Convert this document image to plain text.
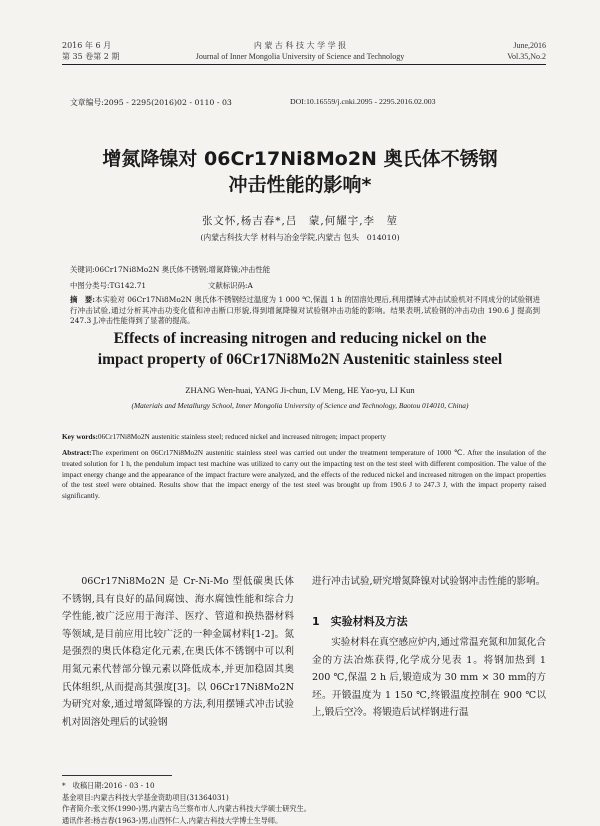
2016 年 6 月
第 35 卷第 2 期
内 蒙 古 科 技 大 学 学 报
Journal of Inner Mongolia University of Science and Technology
June,2016
Vol.35,No.2
文章编号:2095 - 2295(2016)02 - 0110 - 03	DOI:10.16559/j.cnki.2095 - 2295.2016.02.003
增氮降镍对 06Cr17Ni8Mo2N 奥氏体不锈钢
冲击性能的影响*
张文怀,杨吉春*,吕　蒙,何耀宇,李　堃
(内蒙古科技大学 材料与冶金学院,内蒙古 包头　014010)
关键词:06Cr17Ni8Mo2N 奥氏体不锈钢;增氮降镍;冲击性能
中图分类号:TG142.71	文献标识码:A
摘　要:本实验对 06Cr17Ni8Mo2N 奥氏体不锈钢经过温度为 1 000 ℃,保温 1 h 的固溶处理后,利用摆锤式冲击试验机对不同成分的试验钢进行冲击试验,通过分析其冲击功变化值和冲击断口形貌,得到增氮降镍对试验钢冲击功能的影响。结果表明,试验钢的冲击功由 190.6 J 提高到 247.3 J,冲击性能得到了显著的提高。
Effects of increasing nitrogen and reducing nickel on the
impact property of 06Cr17Ni8Mo2N Austenitic stainless steel
ZHANG Wen-huai, YANG Ji-chun, LV Meng, HE Yao-yu, LI Kun
(Materials and Metallurgy School, Inner Mongolia University of Science and Technology, Baotou 014010, China)
Key words:06Cr17Ni8Mo2N austenitic stainless steel; reduced nickel and increased nitrogen; impact property
Abstract:The experiment on 06Cr17Ni8Mo2N austenitic stainless steel was carried out under the treatment temperature of 1000 ℃. After the insulation of the treated solution for 1 h, the pendulum impact test machine was utilized to carry out the impacting test on the test steel with different composition. The value of the impact energy change and the appearance of the impact fracture were analyzed, and the effects of the reduced nickel and increased nitrogen on the impact properties of the test steel were obtained. Results show that the impact energy of the test steel was brought up from 190.6 J to 247.3 J, with the impact property raised significantly.
06Cr17Ni8Mo2N 是 Cr-Ni-Mo 型低碳奥氏体不锈钢,具有良好的晶间腐蚀、海水腐蚀性能和综合力学性能,被广泛应用于海洋、医疗、管道和换热器材料等领域,是目前应用比较广泛的一种金属材料[1-2]。氮是强烈的奥氏体稳定化元素,在奥氏体不锈钢中可以利用氮元素代替部分镍元素以降低成本,并更加稳固其奥氏体组织,从而提高其强度[3]。以 06Cr17Ni8Mo2N 为研究对象,通过增氮降镍的方法,利用摆锤式冲击试验机对固溶处理后的试验钢
进行冲击试验,研究增氮降镍对试验钢冲击性能的影响。
1　实验材料及方法
实验材料在真空感应炉内,通过常温充氮和加氮化合金的方法冶炼获得,化学成分见表 1。将钢加热到 1 200 ℃,保温 2 h 后,锻造成为 30 mm × 30 mm的方坯。开锻温度为 1 150 ℃,终锻温度控制在 900 ℃以上,锻后空冷。将锻造后试样钢进行温
*　收稿日期:2016 - 03 - 10
基金项目:内蒙古科技大学基金资助项目(31364031)
作者简介:张文怀(1990-)男,内蒙古乌兰察布市人,内蒙古科技大学硕士研究生。
通讯作者:杨吉春(1963-)男,山西怀仁人,内蒙古科技大学博士生导师。
